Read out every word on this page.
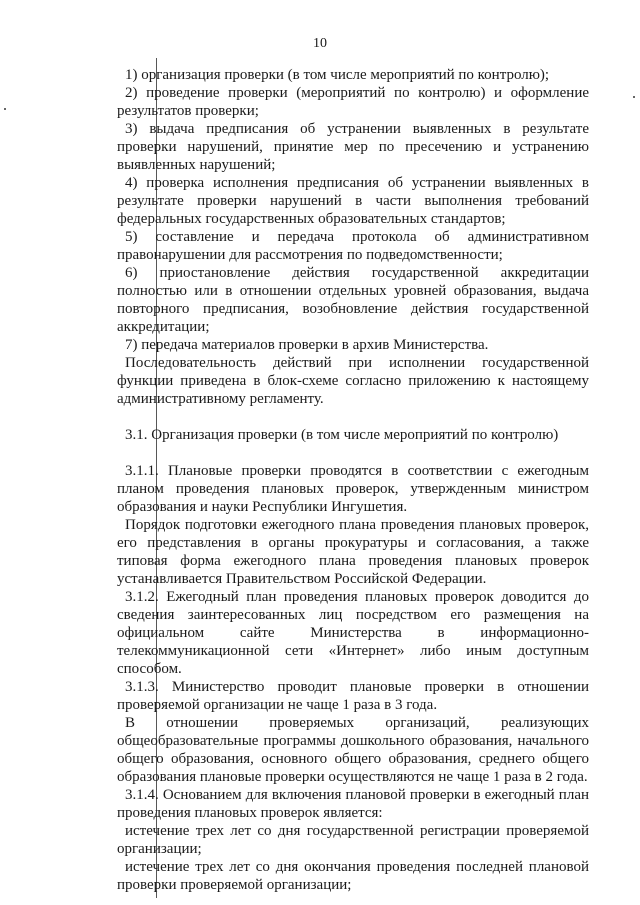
10

1) организация проверки (в том числе мероприятий по контролю);

2) проведение проверки (мероприятий по контролю) и оформление результатов проверки;

3) выдача предписания об устранении выявленных в результате проверки нарушений, принятие мер по пресечению и устранению выявленных нарушений;

4) проверка исполнения предписания об устранении выявленных в результате проверки нарушений в части выполнения требований федеральных государственных образовательных стандартов;

5) составление и передача протокола об административном правонарушении для рассмотрения по подведомственности;

6) приостановление действия государственной аккредитации полностью или в отношении отдельных уровней образования, выдача повторного предписания, возобновление действия государственной аккредитации;

7) передача материалов проверки в архив Министерства.

Последовательность действий при исполнении государственной функции приведена в блок-схеме согласно приложению к настоящему административному регламенту.

3.1. Организация проверки (в том числе мероприятий по контролю)

3.1.1. Плановые проверки проводятся в соответствии с ежегодным планом проведения плановых проверок, утвержденным министром образования и науки Республики Ингушетия.

Порядок подготовки ежегодного плана проведения плановых проверок, его представления в органы прокуратуры и согласования, а также типовая форма ежегодного плана проведения плановых проверок устанавливается Правительством Российской Федерации.

3.1.2. Ежегодный план проведения плановых проверок доводится до сведения заинтересованных лиц посредством его размещения на официальном сайте Министерства в информационно-телекоммуникационной сети «Интернет» либо иным доступным способом.

3.1.3. Министерство проводит плановые проверки в отношении проверяемой организации не чаще 1 раза в 3 года.

В отношении проверяемых организаций, реализующих общеобразовательные программы дошкольного образования, начального общего образования, основного общего образования, среднего общего образования плановые проверки осуществляются не чаще 1 раза в 2 года.

3.1.4. Основанием для включения плановой проверки в ежегодный план проведения плановых проверок является:

истечение трех лет со дня государственной регистрации проверяемой организации;

истечение трех лет со дня окончания проведения последней плановой проверки проверяемой организации;
